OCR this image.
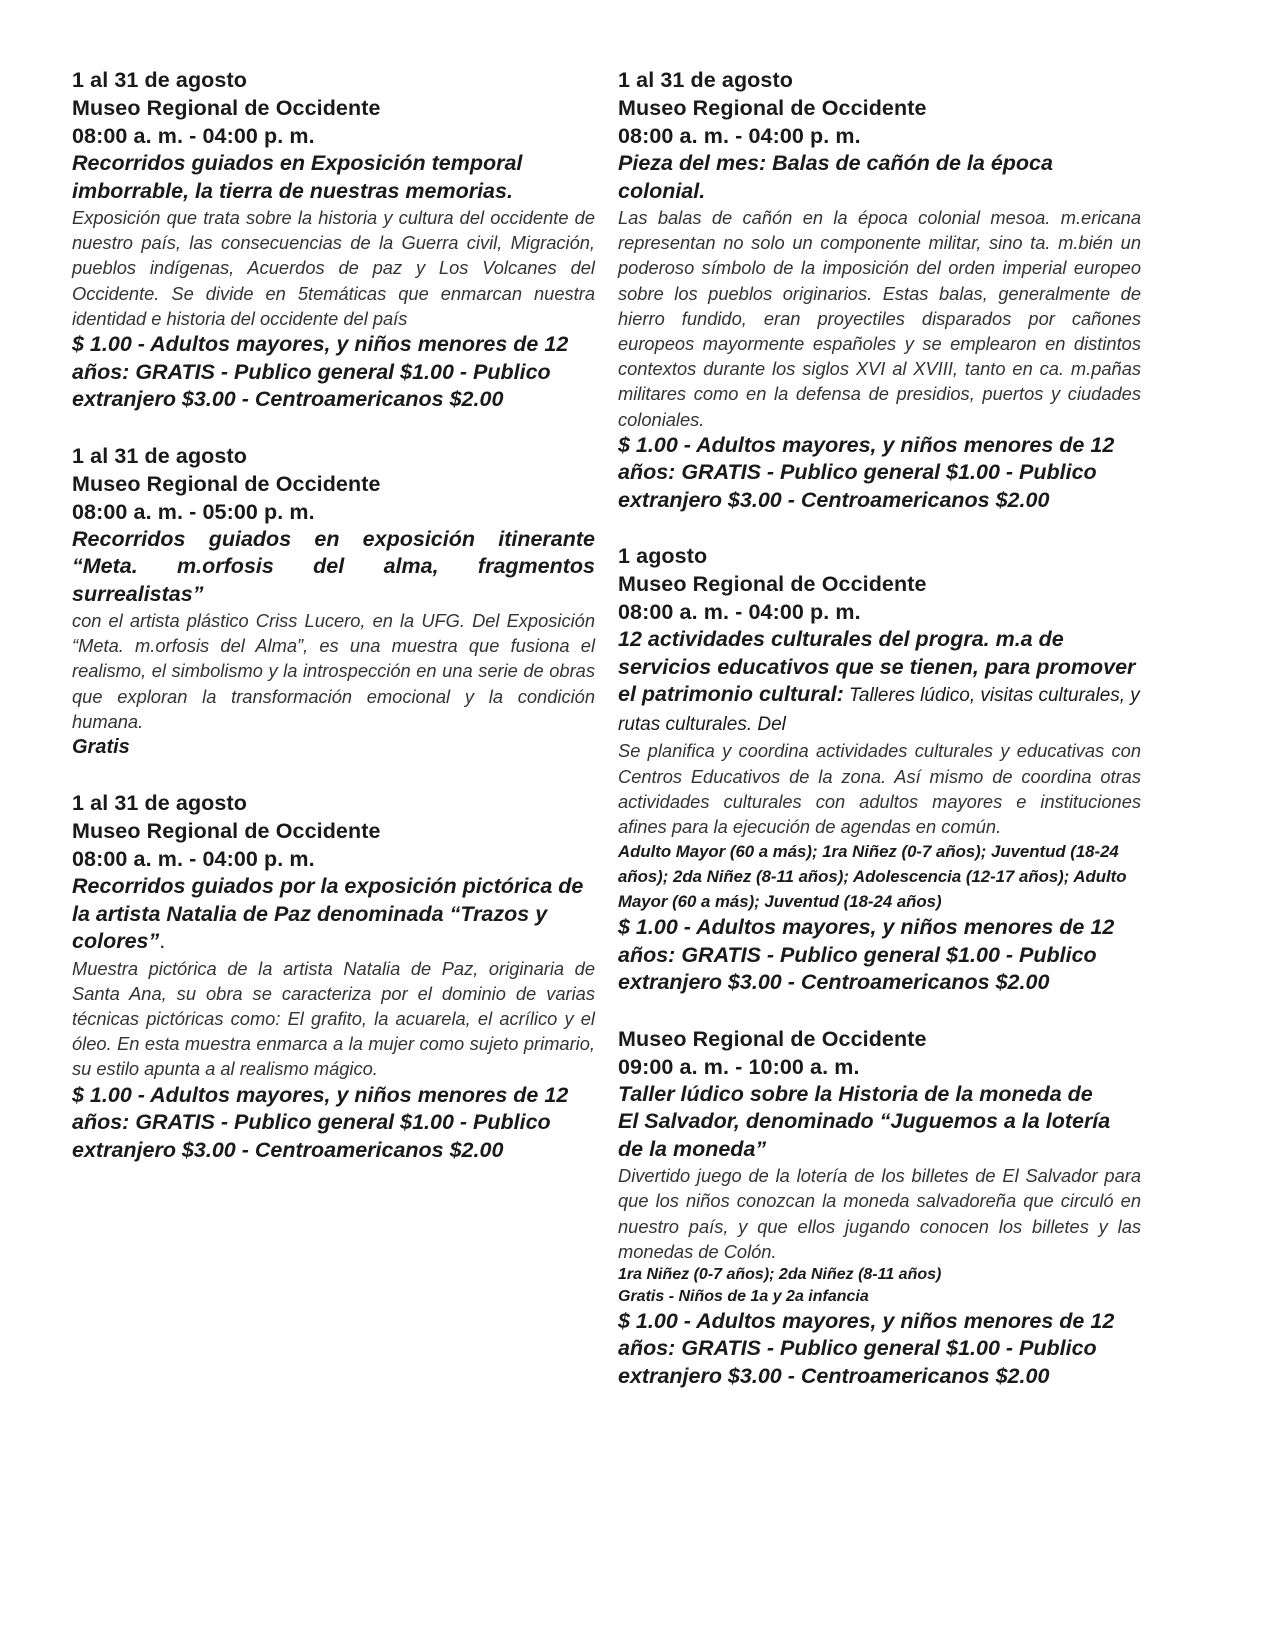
1 al 31 de agosto
Museo Regional de Occidente
08:00 a. m. - 04:00 p. m.
Recorridos guiados en Exposición temporal imborrable, la tierra de nuestras memorias.
Exposición que trata sobre la historia y cultura del occidente de nuestro país, las consecuencias de la Guerra civil, Migración, pueblos indígenas, Acuerdos de paz y Los Volcanes del Occidente. Se divide en 5temáticas que enmarcan nuestra identidad e historia del occidente del país
$ 1.00 - Adultos mayores, y niños menores de 12 años: GRATIS - Publico general $1.00 - Publico extranjero $3.00 - Centroamericanos $2.00
1 al 31 de agosto
Museo Regional de Occidente
08:00 a. m. - 05:00 p. m.
Recorridos guiados en exposición itinerante “Meta. m.orfosis del alma, fragmentos surrealistas”
con el artista plástico Criss Lucero, en la UFG. Del Exposición “Meta. m.orfosis del Alma”, es una muestra que fusiona el realismo, el simbolismo y la introspección en una serie de obras que exploran la transformación emocional y la condición humana.
Gratis
1 al 31 de agosto
Museo Regional de Occidente
08:00 a. m. - 04:00 p. m.
Recorridos guiados por la exposición pictórica de la artista Natalia de Paz denominada “Trazos y colores”.
Muestra pictórica de la artista Natalia de Paz, originaria de Santa Ana, su obra se caracteriza por el dominio de varias técnicas pictóricas como: El grafito, la acuarela, el acrílico y el óleo. En esta muestra enmarca a la mujer como sujeto primario, su estilo apunta a al realismo mágico.
$ 1.00 - Adultos mayores, y niños menores de 12 años: GRATIS - Publico general $1.00 - Publico extranjero $3.00 - Centroamericanos $2.00
1 al 31 de agosto
Museo Regional de Occidente
08:00 a. m. - 04:00 p. m.
Pieza del mes: Balas de cañón de la época colonial.
Las balas de cañón en la época colonial mesoa. m.ericana representan no solo un componente militar, sino ta. m.bién un poderoso símbolo de la imposición del orden imperial europeo sobre los pueblos originarios. Estas balas, generalmente de hierro fundido, eran proyectiles disparados por cañones europeos mayormente españoles y se emplearon en distintos contextos durante los siglos XVI al XVIII, tanto en ca. m.pañas militares como en la defensa de presidios, puertos y ciudades coloniales.
$ 1.00 - Adultos mayores, y niños menores de 12 años: GRATIS - Publico general $1.00 - Publico extranjero $3.00 - Centroamericanos $2.00
1 agosto
Museo Regional de Occidente
08:00 a. m. - 04:00 p. m.
12 actividades culturales del progra. m.a de servicios educativos que se tienen, para promover el patrimonio cultural: Talleres lúdico, visitas culturales, y rutas culturales. Del
Se planifica y coordina actividades culturales y educativas con Centros Educativos de la zona. Así mismo de coordina otras actividades culturales con adultos mayores e instituciones afines para la ejecución de agendas en común.
Adulto Mayor (60 a más); 1ra Niñez (0-7 años); Juventud (18-24 años); 2da Niñez (8-11 años); Adolescencia (12-17 años); Adulto Mayor (60 a más); Juventud (18-24 años)
$ 1.00 - Adultos mayores, y niños menores de 12 años: GRATIS - Publico general $1.00 - Publico extranjero $3.00 - Centroamericanos $2.00
Museo Regional de Occidente
09:00 a. m. - 10:00 a. m.
Taller lúdico sobre la Historia de la moneda de El Salvador, denominado “Juguemos a la lotería de la moneda”
Divertido juego de la lotería de los billetes de El Salvador para que los niños conozcan la moneda salvadoreña que circuló en nuestro país, y que ellos jugando conocen los billetes y las monedas de Colón.
1ra Niñez (0-7 años); 2da Niñez (8-11 años)
Gratis - Niños de 1a y 2a infancia
$ 1.00 - Adultos mayores, y niños menores de 12 años: GRATIS - Publico general $1.00 - Publico extranjero $3.00 - Centroamericanos $2.00
